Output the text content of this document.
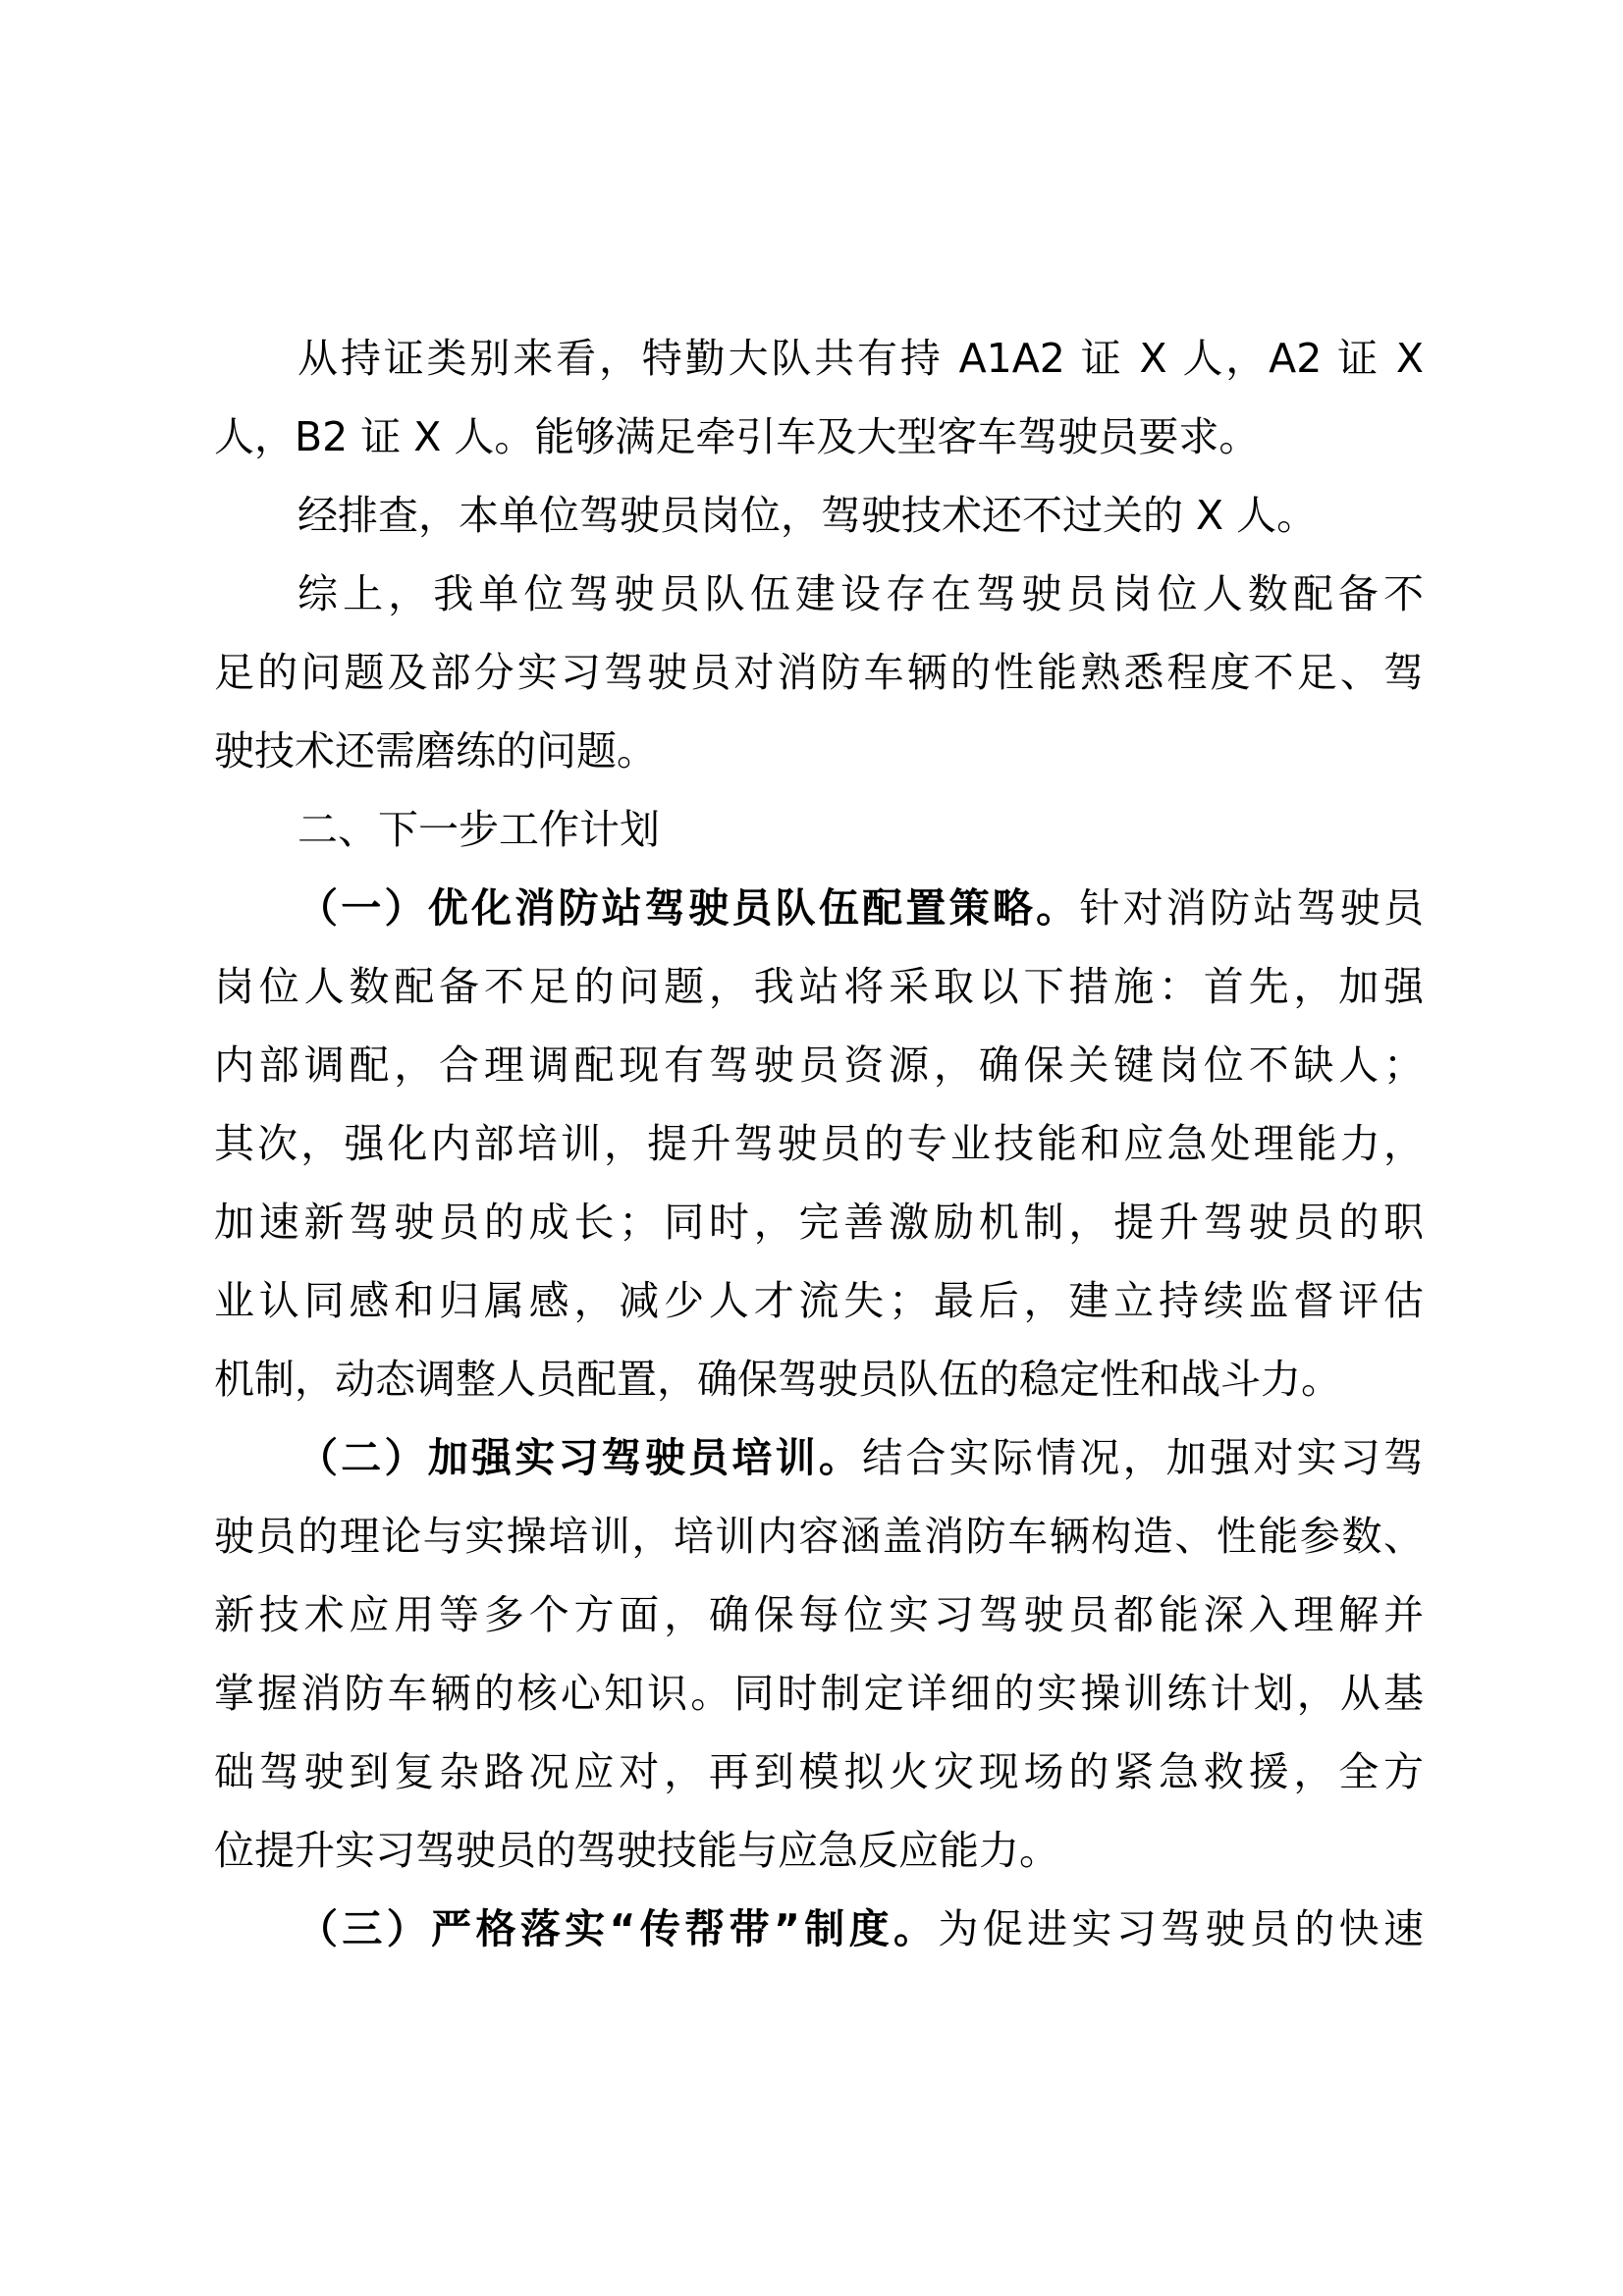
从持证类别来看，特勤大队共有持 A1A2 证 X 人，A2 证 X
人，B2 证 X 人。能够满足牵引车及大型客车驾驶员要求。
经排查，本单位驾驶员岗位，驾驶技术还不过关的 X 人。
综上，我单位驾驶员队伍建设存在驾驶员岗位人数配备不
足的问题及部分实习驾驶员对消防车辆的性能熟悉程度不足、驾
驶技术还需磨练的问题。
二、下一步工作计划
（一）优化消防站驾驶员队伍配置策略。针对消防站驾驶员
岗位人数配备不足的问题，我站将采取以下措施：首先，加强
内部调配，合理调配现有驾驶员资源，确保关键岗位不缺人；
其次，强化内部培训，提升驾驶员的专业技能和应急处理能力，
加速新驾驶员的成长；同时，完善激励机制，提升驾驶员的职
业认同感和归属感，减少人才流失；最后，建立持续监督评估
机制，动态调整人员配置，确保驾驶员队伍的稳定性和战斗力。
（二）加强实习驾驶员培训。结合实际情况，加强对实习驾
驶员的理论与实操培训，培训内容涵盖消防车辆构造、性能参数、
新技术应用等多个方面，确保每位实习驾驶员都能深入理解并
掌握消防车辆的核心知识。同时制定详细的实操训练计划，从基
础驾驶到复杂路况应对，再到模拟火灾现场的紧急救援，全方
位提升实习驾驶员的驾驶技能与应急反应能力。
（三）严格落实“传帮带”制度。为促进实习驾驶员的快速
